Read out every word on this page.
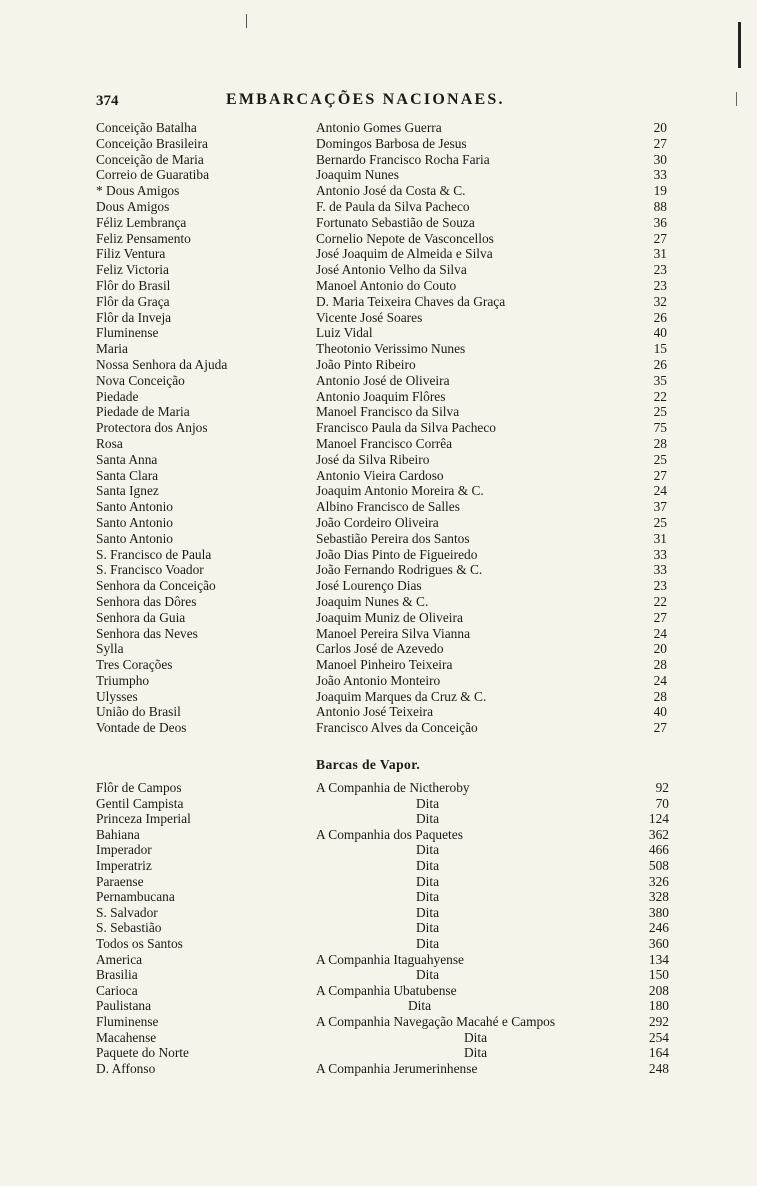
374	EMBARCAÇÕES NACIONAES.
Conceição Batalha	Antonio Gomes Guerra	20
Conceição Brasileira	Domingos Barbosa de Jesus	27
Conceição de Maria	Bernardo Francisco Rocha Faria	30
Correio de Guaratiba	Joaquim Nunes	33
* Dous Amigos	Antonio José da Costa & C.	19
Dous Amigos	F. de Paula da Silva Pacheco	88
Féliz Lembrança	Fortunato Sebastião de Souza	36
Feliz Pensamento	Cornelio Nepote de Vasconcellos	27
Filiz Ventura	José Joaquim de Almeida e Silva	31
Feliz Victoria	José Antonio Velho da Silva	23
Flôr do Brasil	Manoel Antonio do Couto	23
Flôr da Graça	D. Maria Teixeira Chaves da Graça	32
Flôr da Inveja	Vicente José Soares	26
Fluminense	Luiz Vidal	40
Maria	Theotonio Verissimo Nunes	15
Nossa Senhora da Ajuda	João Pinto Ribeiro	26
Nova Conceição	Antonio José de Oliveira	35
Piedade	Antonio Joaquim Flôres	22
Piedade de Maria	Manoel Francisco da Silva	25
Protectora dos Anjos	Francisco Paula da Silva Pacheco	75
Rosa	Manoel Francisco Corrêa	28
Santa Anna	José da Silva Ribeiro	25
Santa Clara	Antonio Vieira Cardoso	27
Santa Ignez	Joaquim Antonio Moreira & C.	24
Santo Antonio	Albino Francisco de Salles	37
Santo Antonio	João Cordeiro Oliveira	25
Santo Antonio	Sebastião Pereira dos Santos	31
S. Francisco de Paula	João Dias Pinto de Figueiredo	33
S. Francisco Voador	João Fernando Rodrigues & C.	33
Senhora da Conceição	José Lourenço Dias	23
Senhora das Dôres	Joaquim Nunes & C.	22
Senhora da Guia	Joaquim Muniz de Oliveira	27
Senhora das Neves	Manoel Pereira Silva Vianna	24
Sylla	Carlos José de Azevedo	20
Tres Corações	Manoel Pinheiro Teixeira	28
Triumpho	João Antonio Monteiro	24
Ulysses	Joaquim Marques da Cruz & C.	28
União do Brasil	Antonio José Teixeira	40
Vontade de Deos	Francisco Alves da Conceição	27
Barcas de Vapor.
Flôr de Campos	A Companhia de Nictheroby	92
Gentil Campista	Dita	70
Princeza Imperial	Dita	124
Bahiana	A Companhia dos Paquetes	362
Imperador	Dita	466
Imperatriz	Dita	508
Paraense	Dita	326
Pernambucana	Dita	328
S. Salvador	Dita	380
S. Sebastião	Dita	246
Todos os Santos	Dita	360
America	A Companhia Itaguahyense	134
Brasilia	Dita	150
Carioca	A Companhia Ubatubense	208
Paulistana	Dita	180
Fluminense	A Companhia Navegação Macahé e Campos	292
Macahense	Dita	254
Paquete do Norte	Dita	164
D. Affonso	A Companhia Jerumerinhense	248
